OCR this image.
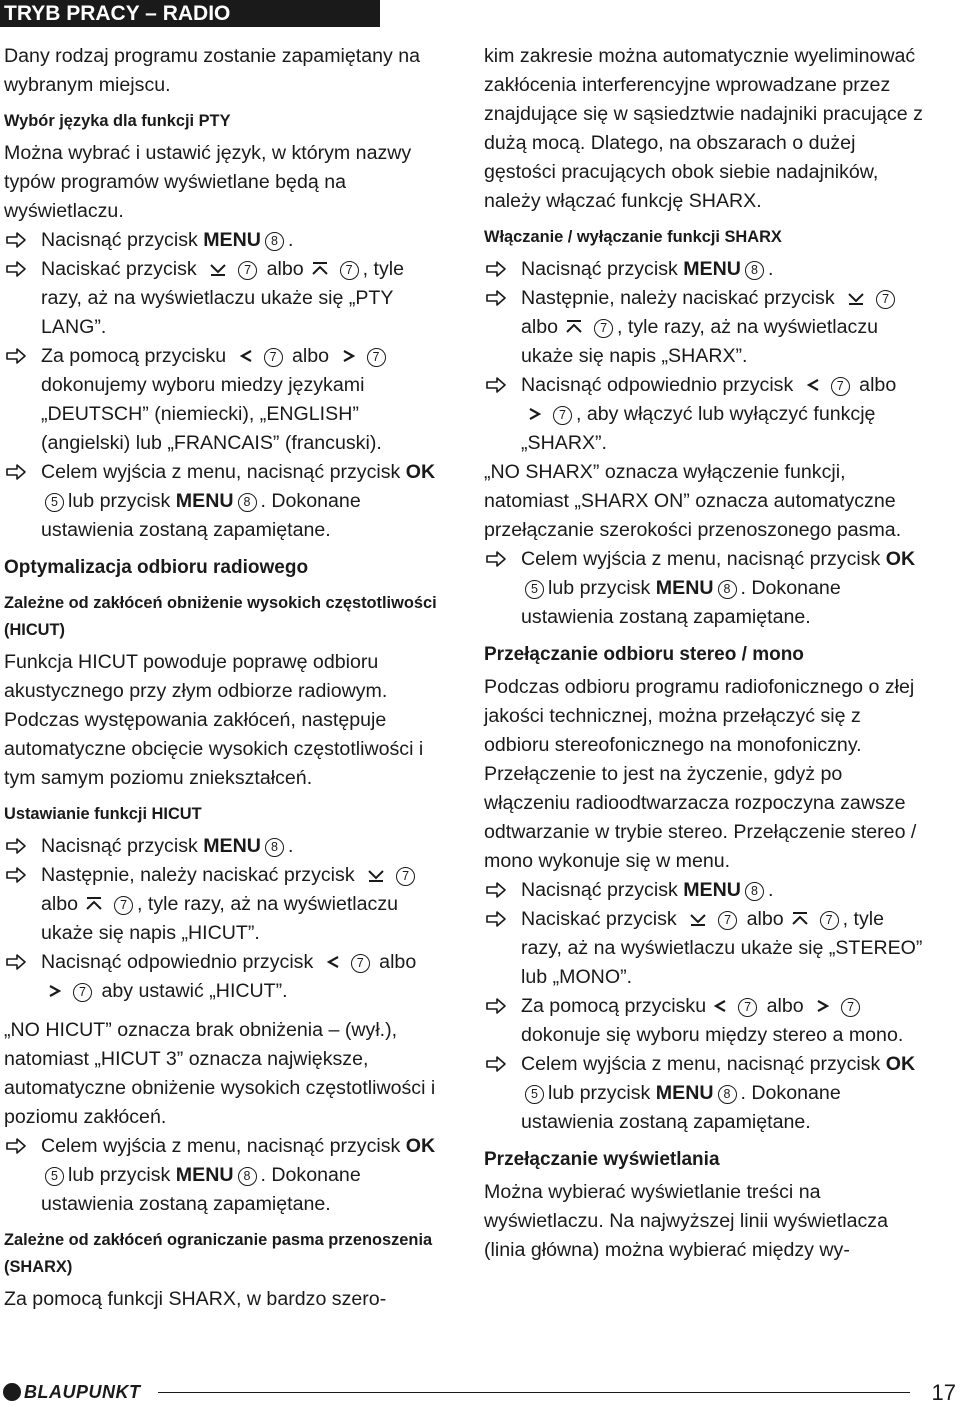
TRYB PRACY – RADIO

Dany rodzaj programu zostanie zapamiętany na wybranym miejscu.

Wybór języka dla funkcji PTY

Można wybrać i ustawić język, w którym nazwy typów programów wyświetlane będą na wyświetlaczu.

Nacisnąć przycisk MENU 8 .
Naciskać przycisk	7 albo	7 , tyle razy, aż na wyświetlaczu ukaże się „PTY LANG”.
Za pomocą przycisku	7 albo	7 dokonujemy wyboru miedzy językami „DEUTSCH” (niemiecki), „ENGLISH” (angielski) lub „FRANCAIS” (francuski).
Celem wyjścia z menu, nacisnąć przycisk OK5 lub przycisk MENU 8 . Dokonane ustawienia zostaną zapamiętane.
Optymalizacja odbioru radiowego
Zależne od zakłóceń obniżenie wysokich częstotliwości (HICUT)

Funkcja HICUT powoduje poprawę odbioru akustycznego przy złym odbiorze radiowym. Podczas występowania zakłóceń, następuje automatyczne obcięcie wysokich częstotliwości i tym samym poziomu zniekształceń.

Ustawianie funkcji HICUT
Nacisnąć przycisk MENU 8 .
Następnie, należy naciskać przycisk	7 albo	7 , tyle razy, aż na wyświetlaczu ukaże się napis „HICUT”.
Nacisnąć odpowiednio przycisk	7 albo 7 aby ustawić „HICUT”.

„NO HICUT” oznacza brak obniżenia – (wył.), natomiast „HICUT 3” oznacza największe, automatyczne obniżenie wysokich częstotliwości i poziomu zakłóceń.

Celem wyjścia z menu, nacisnąć przycisk OK5 lub przycisk MENU 8 . Dokonane ustawienia zostaną zapamiętane.
Zależne od zakłóceń ograniczanie pasma przenoszenia (SHARX)

Za pomocą funkcji SHARX, w bardzo szero-

kim zakresie można automatycznie wyeliminować zakłócenia interferencyjne wprowadzane przez znajdujące się w sąsiedztwie nadajniki pracujące z dużą mocą. Dlatego, na obszarach o dużej gęstości pracujących obok siebie nadajników, należy włączać funkcję SHARX.

Włączanie / wyłączanie funkcji SHARX
Nacisnąć przycisk MENU 8 .
Następnie, należy naciskać przycisk	7 albo	7 , tyle razy, aż na wyświetlaczu ukaże się napis „SHARX”.
Nacisnąć odpowiednio przycisk	7 albo 7 , aby włączyć lub wyłączyć funkcję „SHARX”.

„NO SHARX” oznacza wyłączenie funkcji, natomiast „SHARX ON” oznacza automatyczne przełączanie szerokości przenoszonego pasma.

Celem wyjścia z menu, nacisnąć przycisk OK5 lub przycisk MENU 8 . Dokonane ustawienia zostaną zapamiętane.
Przełączanie odbioru stereo / mono

Podczas odbioru programu radiofonicznego o złej jakości technicznej, można przełączyć się z odbioru stereofonicznego na monofoniczny. Przełączenie to jest na życzenie, gdyż po włączeniu radioodtwarzacza rozpoczyna zawsze odtwarzanie w trybie stereo. Przełączenie stereo / mono wykonuje się w menu.

Nacisnąć przycisk MENU 8 .
Naciskać przycisk	7 albo	7 , tyle razy, aż na wyświetlaczu ukaże się „STEREO” lub „MONO”.
Za pomocą przycisku	7 albo	7 dokonuje się wyboru między stereo a mono.
Celem wyjścia z menu, nacisnąć przycisk OK5 lub przycisk MENU 8 . Dokonane ustawienia zostaną zapamiętane.
Przełączanie wyświetlania

Można wybierać wyświetlanie treści na wyświetlaczu. Na najwyższej linii wyświetlacza (linia główna) można wybierać między wy-

BLAUPUNKT	17
